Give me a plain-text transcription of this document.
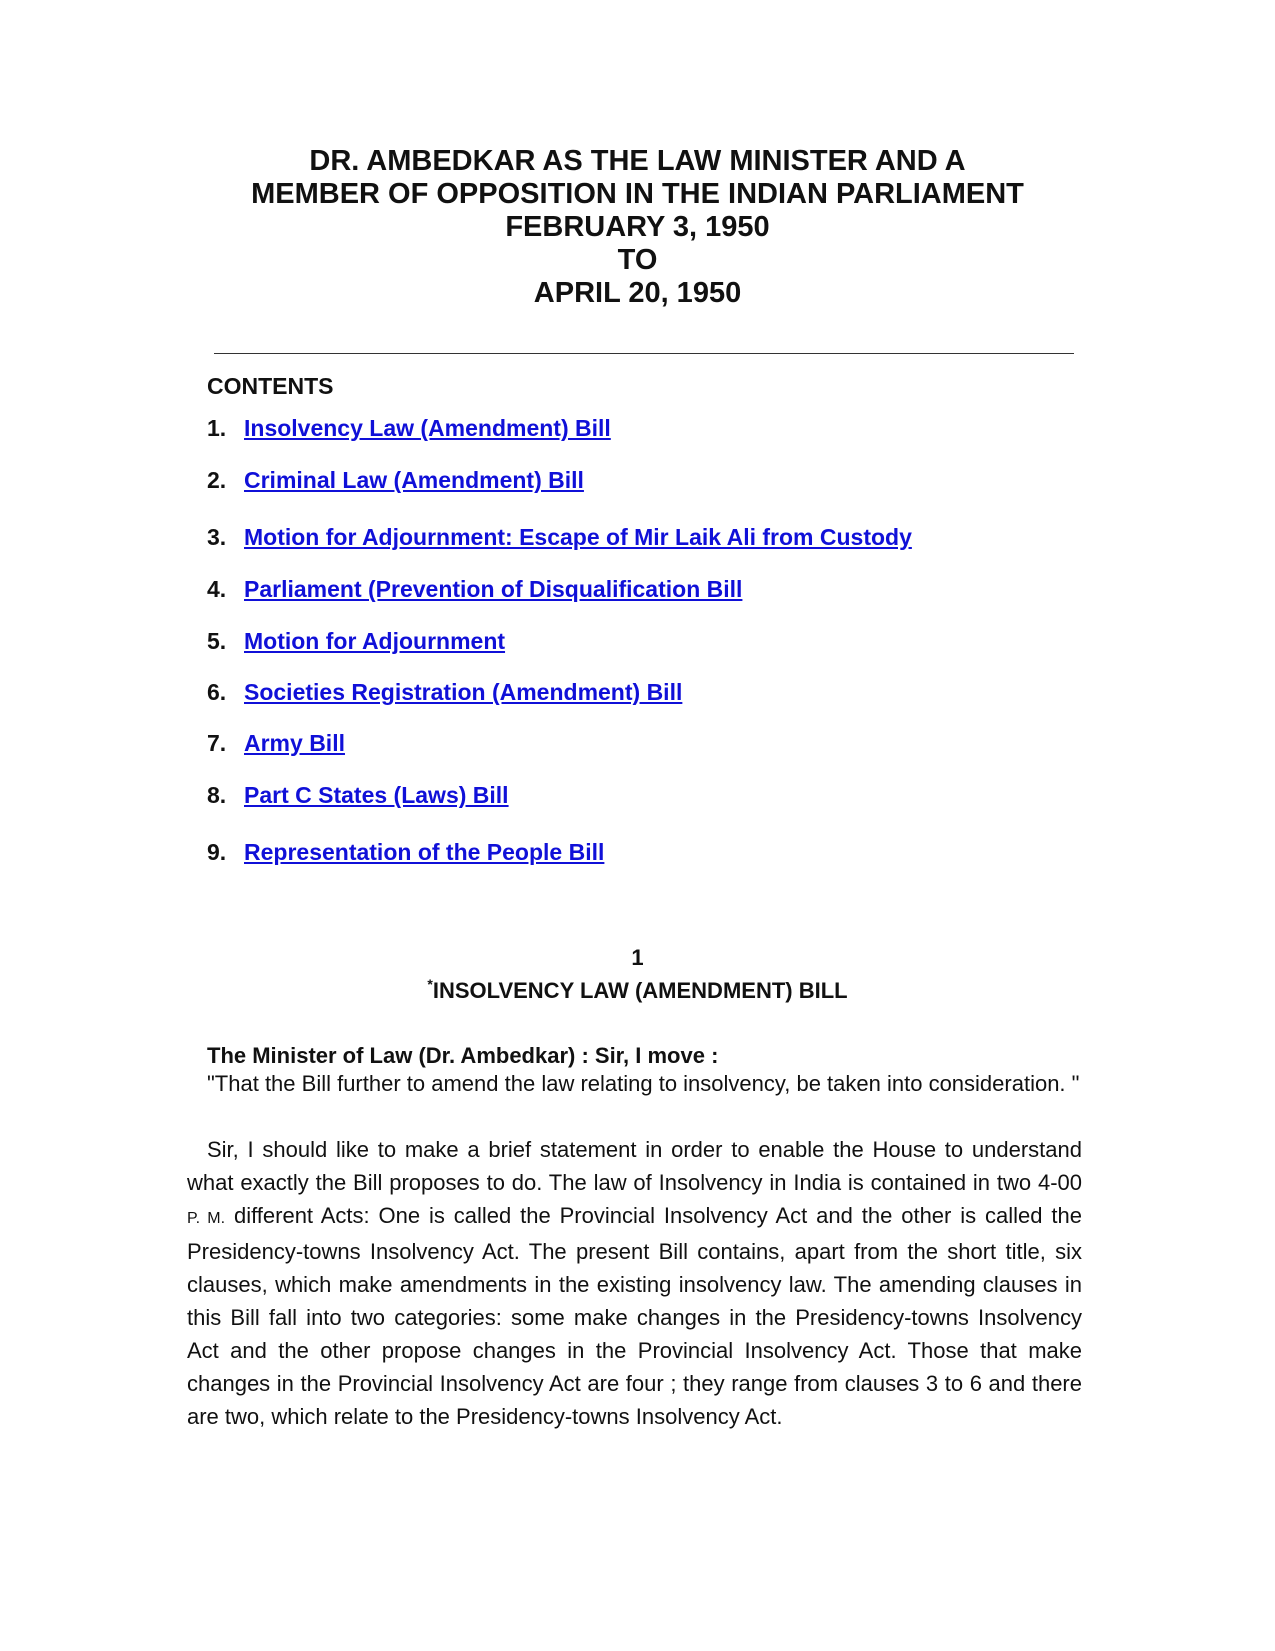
DR. AMBEDKAR AS THE LAW MINISTER AND A
MEMBER OF OPPOSITION IN THE INDIAN PARLIAMENT
FEBRUARY 3, 1950
TO
APRIL 20, 1950
CONTENTS
1. Insolvency Law (Amendment) Bill
2. Criminal Law (Amendment) Bill
3. Motion for Adjournment: Escape of Mir Laik Ali from Custody
4. Parliament (Prevention of Disqualification Bill
5. Motion for Adjournment
6. Societies Registration (Amendment) Bill
7. Army Bill
8. Part C States (Laws) Bill
9. Representation of the People Bill
1
*INSOLVENCY LAW (AMENDMENT) BILL
The Minister of Law (Dr. Ambedkar) : Sir, I move :

"That the Bill further to amend the law relating to insolvency, be taken into consideration. "

Sir, I should like to make a brief statement in order to enable the House to understand what exactly the Bill proposes to do. The law of Insolvency in India is contained in two 4-00 P. M. different Acts: One is called the Provincial Insolvency Act and the other is called the Presidency-towns Insolvency Act. The present Bill contains, apart from the short title, six clauses, which make amendments in the existing insolvency law. The amending clauses in this Bill fall into two categories: some make changes in the Presidency-towns Insolvency Act and the other propose changes in the Provincial Insolvency Act. Those that make changes in the Provincial Insolvency Act are four ; they range from clauses 3 to 6 and there are two, which relate to the Presidency-towns Insolvency Act.
